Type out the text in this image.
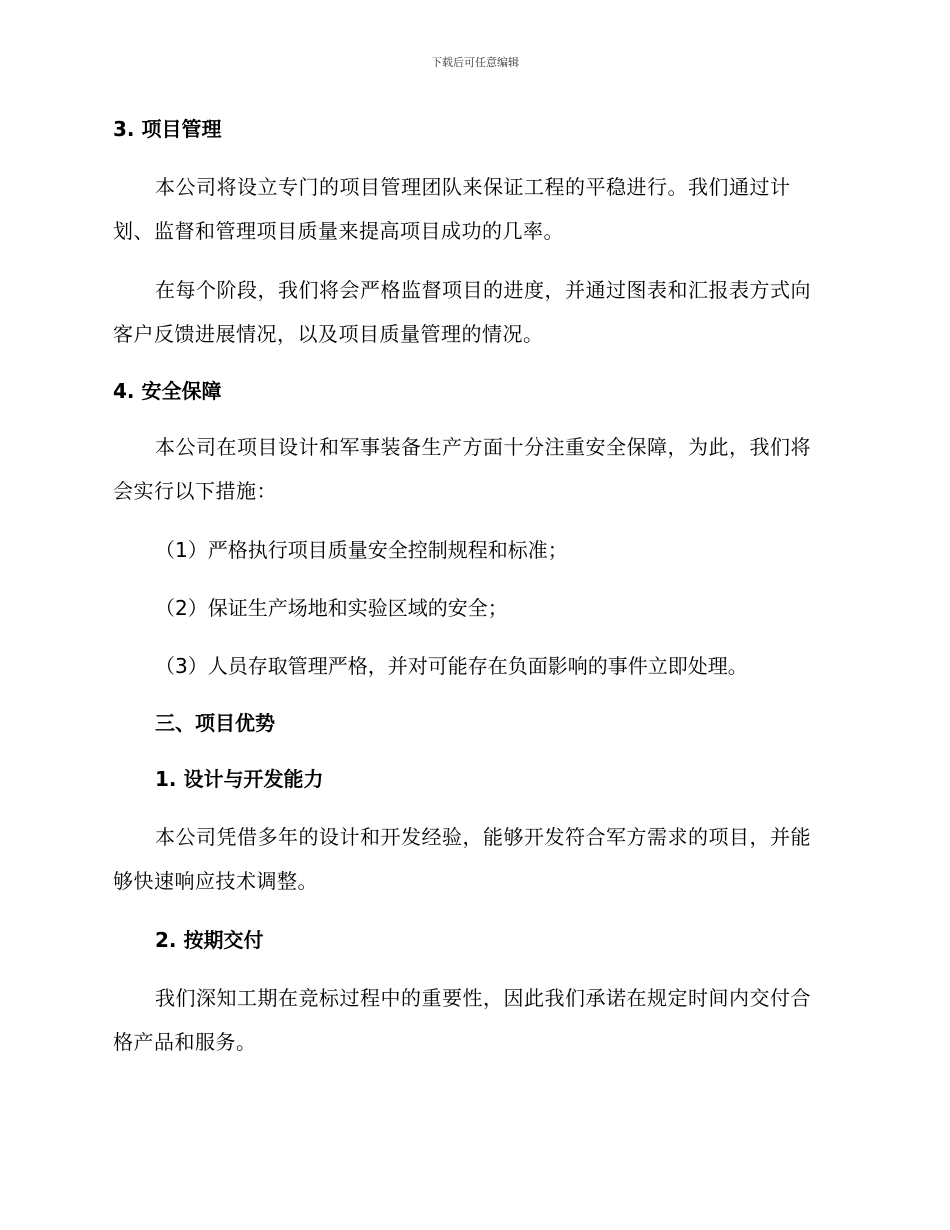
下载后可任意编辑
3. 项目管理
本公司将设立专门的项目管理团队来保证工程的平稳进行。我们通过计划、监督和管理项目质量来提高项目成功的几率。
在每个阶段，我们将会严格监督项目的进度，并通过图表和汇报表方式向客户反馈进展情况，以及项目质量管理的情况。
4. 安全保障
本公司在项目设计和军事装备生产方面十分注重安全保障，为此，我们将会实行以下措施：
（1）严格执行项目质量安全控制规程和标准；
（2）保证生产场地和实验区域的安全；
（3）人员存取管理严格，并对可能存在负面影响的事件立即处理。
三、项目优势
1. 设计与开发能力
本公司凭借多年的设计和开发经验，能够开发符合军方需求的项目，并能够快速响应技术调整。
2. 按期交付
我们深知工期在竞标过程中的重要性，因此我们承诺在规定时间内交付合格产品和服务。
